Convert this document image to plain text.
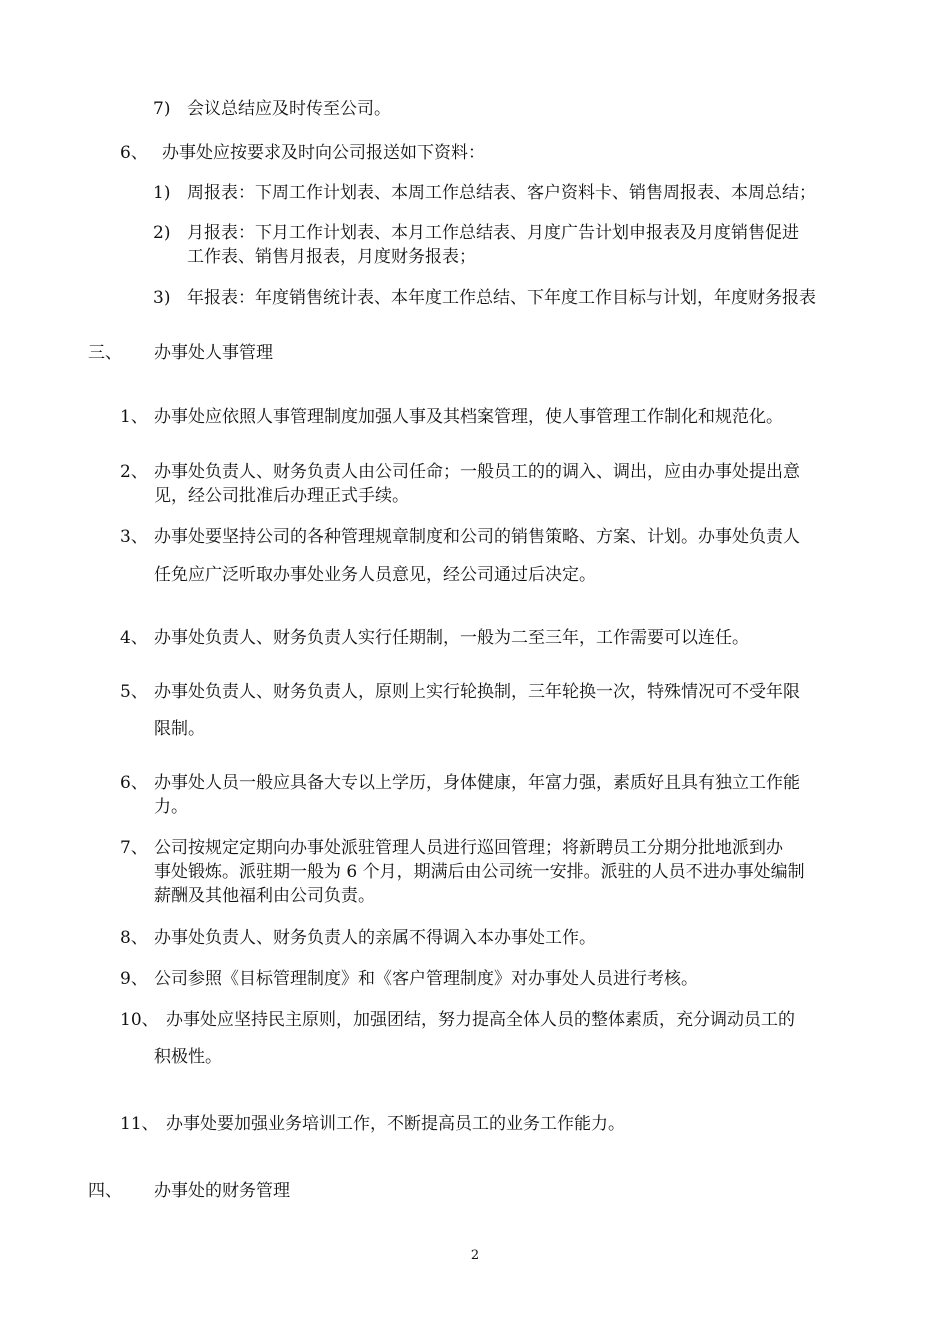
7) 会议总结应及时传至公司。
6、 办事处应按要求及时向公司报送如下资料：
1) 周报表：下周工作计划表、本周工作总结表、客户资料卡、销售周报表、本周总结；
2) 月报表：下月工作计划表、本月工作总结表、月度广告计划申报表及月度销售促进
工作表、销售月报表，月度财务报表；
3) 年报表：年度销售统计表、本年度工作总结、下年度工作目标与计划，年度财务报表
三、 办事处人事管理
1、 办事处应依照人事管理制度加强人事及其档案管理，使人事管理工作制化和规范化。
2、 办事处负责人、财务负责人由公司任命；一般员工的的调入、调出，应由办事处提出意
见，经公司批准后办理正式手续。
3、 办事处要坚持公司的各种管理规章制度和公司的销售策略、方案、计划。办事处负责人
任免应广泛听取办事处业务人员意见，经公司通过后决定。
4、 办事处负责人、财务负责人实行任期制，一般为二至三年，工作需要可以连任。
5、 办事处负责人、财务负责人，原则上实行轮换制，三年轮换一次，特殊情况可不受年限
限制。
6、 办事处人员一般应具备大专以上学历，身体健康，年富力强，素质好且具有独立工作能
力。
7、 公司按规定定期向办事处派驻管理人员进行巡回管理；将新聘员工分期分批地派到办
事处锻炼。派驻期一般为 6 个月，期满后由公司统一安排。派驻的人员不进办事处编制
薪酬及其他福利由公司负责。
8、 办事处负责人、财务负责人的亲属不得调入本办事处工作。
9、 公司参照《目标管理制度》和《客户管理制度》对办事处人员进行考核。
10、 办事处应坚持民主原则，加强团结，努力提高全体人员的整体素质，充分调动员工的
积极性。
11、 办事处要加强业务培训工作，不断提高员工的业务工作能力。
四、 办事处的财务管理
2
